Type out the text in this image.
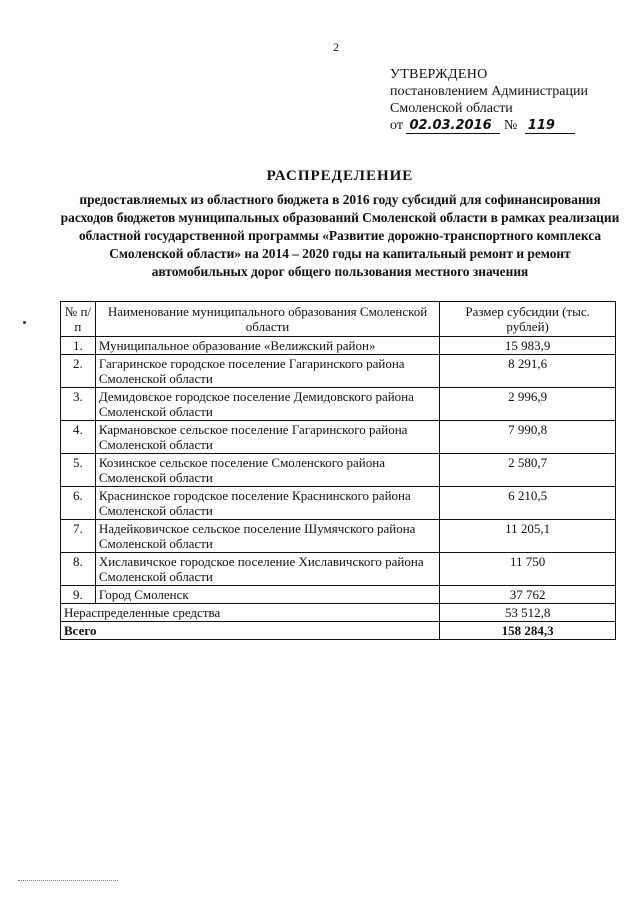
2
УТВЕРЖДЕНО
постановлением Администрации
Смоленской области
от 02.03.2016 № 119
РАСПРЕДЕЛЕНИЕ
предоставляемых из областного бюджета в 2016 году субсидий для софинансирования расходов бюджетов муниципальных образований Смоленской области в рамках реализации областной государственной программы «Развитие дорожно-транспортного комплекса Смоленской области» на 2014 – 2020 годы на капитальный ремонт и ремонт автомобильных дорог общего пользования местного значения
№ п/п	Наименование муниципального образования Смоленской области	Размер субсидии (тыс. рублей)
1.	Муниципальное образование «Велижский район»	15 983,9
2.	Гагаринское городское поселение Гагаринского района Смоленской области	8 291,6
3.	Демидовское городское поселение Демидовского района Смоленской области	2 996,9
4.	Кармановское сельское поселение Гагаринского района Смоленской области	7 990,8
5.	Козинское сельское поселение Смоленского района Смоленской области	2 580,7
6.	Краснинское городское поселение Краснинского района Смоленской области	6 210,5
7.	Надейковичское сельское поселение Шумячского района Смоленской области	11 205,1
8.	Хиславичское городское поселение Хиславичского района Смоленской области	11 750
9.	Город Смоленск	37 762
Нераспределенные средства		53 512,8
Всего		158 284,3
